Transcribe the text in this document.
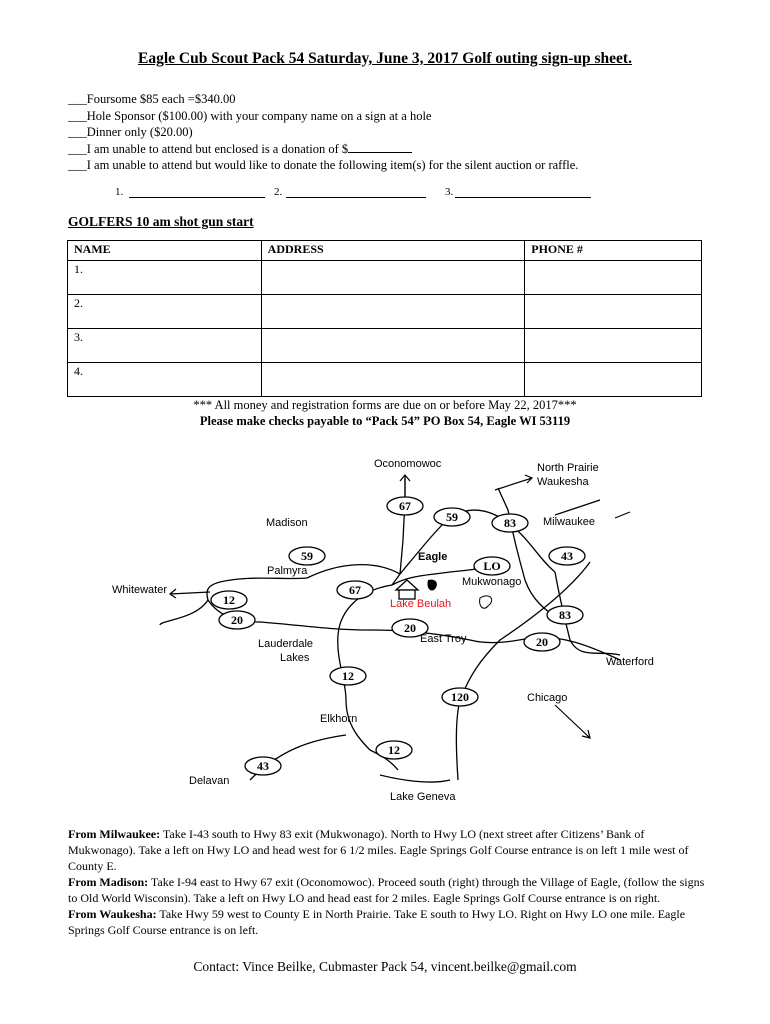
Eagle Cub Scout Pack 54 Saturday, June 3, 2017 Golf outing sign-up sheet.
___Foursome $85 each =$340.00
___Hole Sponsor ($100.00) with your company name on a sign at a hole
___Dinner only ($20.00)
___I am unable to attend but enclosed is a donation of $
___I am unable to attend but would like to donate the following item(s) for the silent auction or raffle.
1.	2.	3.
GOLFERS 10 am shot gun start
NAME	ADDRESS	PHONE #
1.		
2.		
3.		
4.		
*** All money and registration forms are due on or before May 22, 2017***
Please make checks payable to “Pack 54” PO Box 54, Eagle WI 53119
67
59	83
59	43
67
LO
12
20
20
83
20
12
120
12
43
Oconomowoc	North Prairie
Waukesha
Madison	Milwaukee
Eagle
Palmyra
Mukwonago
Whitewater
Lake Beulah
East Troy
Lauderdale
Lakes	Waterford
Chicago
Elkhorn
Delavan
Lake Geneva
From Milwaukee: Take I-43 south to Hwy 83 exit (Mukwonago). North to Hwy LO (next street after Citizens’ Bank of Mukwonago). Take a left on Hwy LO and head west for 6 1/2 miles. Eagle Springs Golf Course entrance is on left 1 mile west of County E.
From Madison: Take I-94 east to Hwy 67 exit (Oconomowoc). Proceed south (right) through the Village of Eagle, (follow the signs to Old World Wisconsin). Take a left on Hwy LO and head east for 2 miles. Eagle Springs Golf Course entrance is on right.
From Waukesha: Take Hwy 59 west to County E in North Prairie. Take E south to Hwy LO. Right on Hwy LO one mile. Eagle Springs Golf Course entrance is on left.
Contact: Vince Beilke, Cubmaster Pack 54, vincent.beilke@gmail.com
